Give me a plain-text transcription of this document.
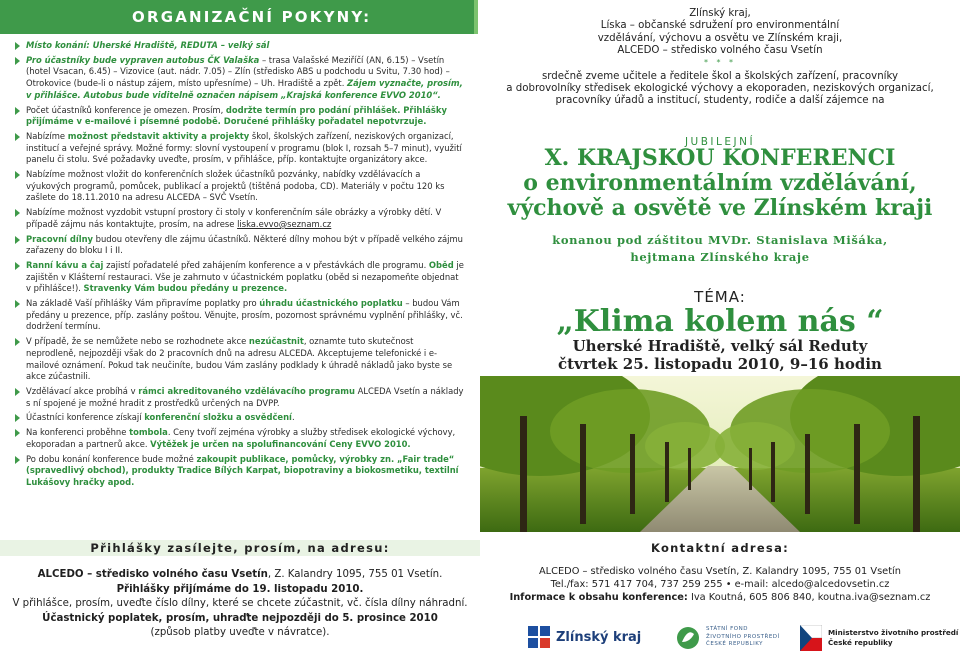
ORGANIZAČNÍ POKYNY:
Místo konání: Uherské Hradiště, REDUTA – velký sál
Pro účastníky bude vypraven autobus ČK Valaška – trasa Valašské Meziříčí (AN, 6.15) – Vsetín (hotel Vsacan, 6.45) – Vizovice (aut. nádr. 7.05) – Zlín (středisko ABS u podchodu u Svitu, 7.30 hod) – Otrokovice (bude-li o nástup zájem, místo upřesníme) – Uh. Hradiště a zpět. Zájem vyznačte, prosím, v přihlášce. Autobus bude viditelně označen nápisem „Krajská konference EVVO 2010“.
Počet účastníků konference je omezen. Prosím, dodržte termín pro podání přihlášek. Přihlášky přijímáme v e-mailové i písemné podobě. Doručené přihlášky pořadatel nepotvrzuje.
Nabízíme možnost představit aktivity a projekty škol, školských zařízení, neziskových organizací, institucí a veřejné správy. Možné formy: slovní vystoupení v programu (blok I, rozsah 5–7 minut), využití panelu či stolu. Své požadavky uveďte, prosím, v přihlášce, příp. kontaktujte organizátory akce.
Nabízíme možnost vložit do konferenčních složek účastníků pozvánky, nabídky vzdělávacích a výukových programů, pomůcek, publikací a projektů (tištěná podoba, CD). Materiály v počtu 120 ks zašlete do 18.11.2010 na adresu ALCEDA – SVČ Vsetín.
Nabízíme možnost vyzdobit vstupní prostory či stoly v konferenčním sále obrázky a výrobky dětí. V případě zájmu nás kontaktujte, prosím, na adrese liska.evvo@seznam.cz
Pracovní dílny budou otevřeny dle zájmu účastníků. Některé dílny mohou být v případě velkého zájmu zařazeny do bloku I i II.
Ranní kávu a čaj zajistí pořadatelé před zahájením konference a v přestávkách dle programu. Oběd je zajištěn v Klášterní restauraci. Vše je zahrnuto v účastnickém poplatku (oběd si nezapomeňte objednat v přihlášce!). Stravenky Vám budou předány u prezence.
Na základě Vaší přihlášky Vám připravíme poplatky pro úhradu účastnického poplatku – budou Vám předány u prezence, příp. zaslány poštou. Věnujte, prosím, pozornost správnému vyplnění přihlášky, vč. dodržení termínu.
V případě, že se nemůžete nebo se rozhodnete akce nezúčastnit, oznamte tuto skutečnost neprodleně, nejpozději však do 2 pracovních dnů na adresu ALCEDA. Akceptujeme telefonické i e-mailové oznámení. Pokud tak neučiníte, budou Vám zaslány podklady k úhradě nákladů jako byste se akce zúčastnili.
Vzdělávací akce probíhá v rámci akreditovaného vzdělávacího programu ALCEDA Vsetín a náklady s ní spojené je možné hradit z prostředků určených na DVPP.
Účastníci konference získají konferenční složku a osvědčení.
Na konferenci proběhne tombola. Ceny tvoří zejména výrobky a služby středisek ekologické výchovy, ekoporadan a partnerů akce. Výtěžek je určen na spolufinancování Ceny EVVO 2010.
Po dobu konání konference bude možné zakoupit publikace, pomůcky, výrobky zn. „Fair trade“ (spravedlivý obchod), produkty Tradice Bílých Karpat, biopotraviny a biokosmetiku, textilní Lukášovy hračky apod.
Zlínský kraj,
Líska – občanské sdružení pro environmentální
vzdělávání, výchovu a osvětu ve Zlínském kraji,
ALCEDO – středisko volného času Vsetín
* * *
srdečně zveme učitele a ředitele škol a školských zařízení, pracovníky
a dobrovolníky středisek ekologické výchovy a ekoporaden, neziskových organizací,
pracovníky úřadů a institucí, studenty, rodiče a další zájemce na
JUBILEJNÍ
X. KRAJSKOU KONFERENCI
o environmentálním vzdělávání,
výchově a osvětě ve Zlínském kraji
konanou pod záštitou MVDr. Stanislava Mišáka,
hejtmana Zlínského kraje
TÉMA:
„Klima kolem nás “
Uherské Hradiště, velký sál Reduty
čtvrtek 25. listopadu 2010, 9–16 hodin
Přihlášky zasílejte, prosím, na adresu:
ALCEDO – středisko volného času Vsetín, Z. Kalandry 1095, 755 01 Vsetín.
Přihlášky přijímáme do 19. listopadu 2010.
V přihlášce, prosím, uveďte číslo dílny, které se chcete zúčastnit, vč. čísla dílny náhradní.
Účastnický poplatek, prosím, uhraďte nejpozději do 5. prosince 2010
(způsob platby uveďte v návratce).
Kontaktní adresa:
ALCEDO – středisko volného času Vsetín, Z. Kalandry 1095, 755 01 Vsetín
Tel./fax: 571 417 704, 737 259 255 • e-mail: alcedo@alcedovsetin.cz
Informace k obsahu konference: Iva Koutná, 605 806 840, koutna.iva@seznam.cz
Zlínský kraj
STÁTNÍ FOND
ŽIVOTNÍHO PROSTŘEDÍ
ČESKÉ REPUBLIKY
Ministerstvo životního prostředí
České republiky
